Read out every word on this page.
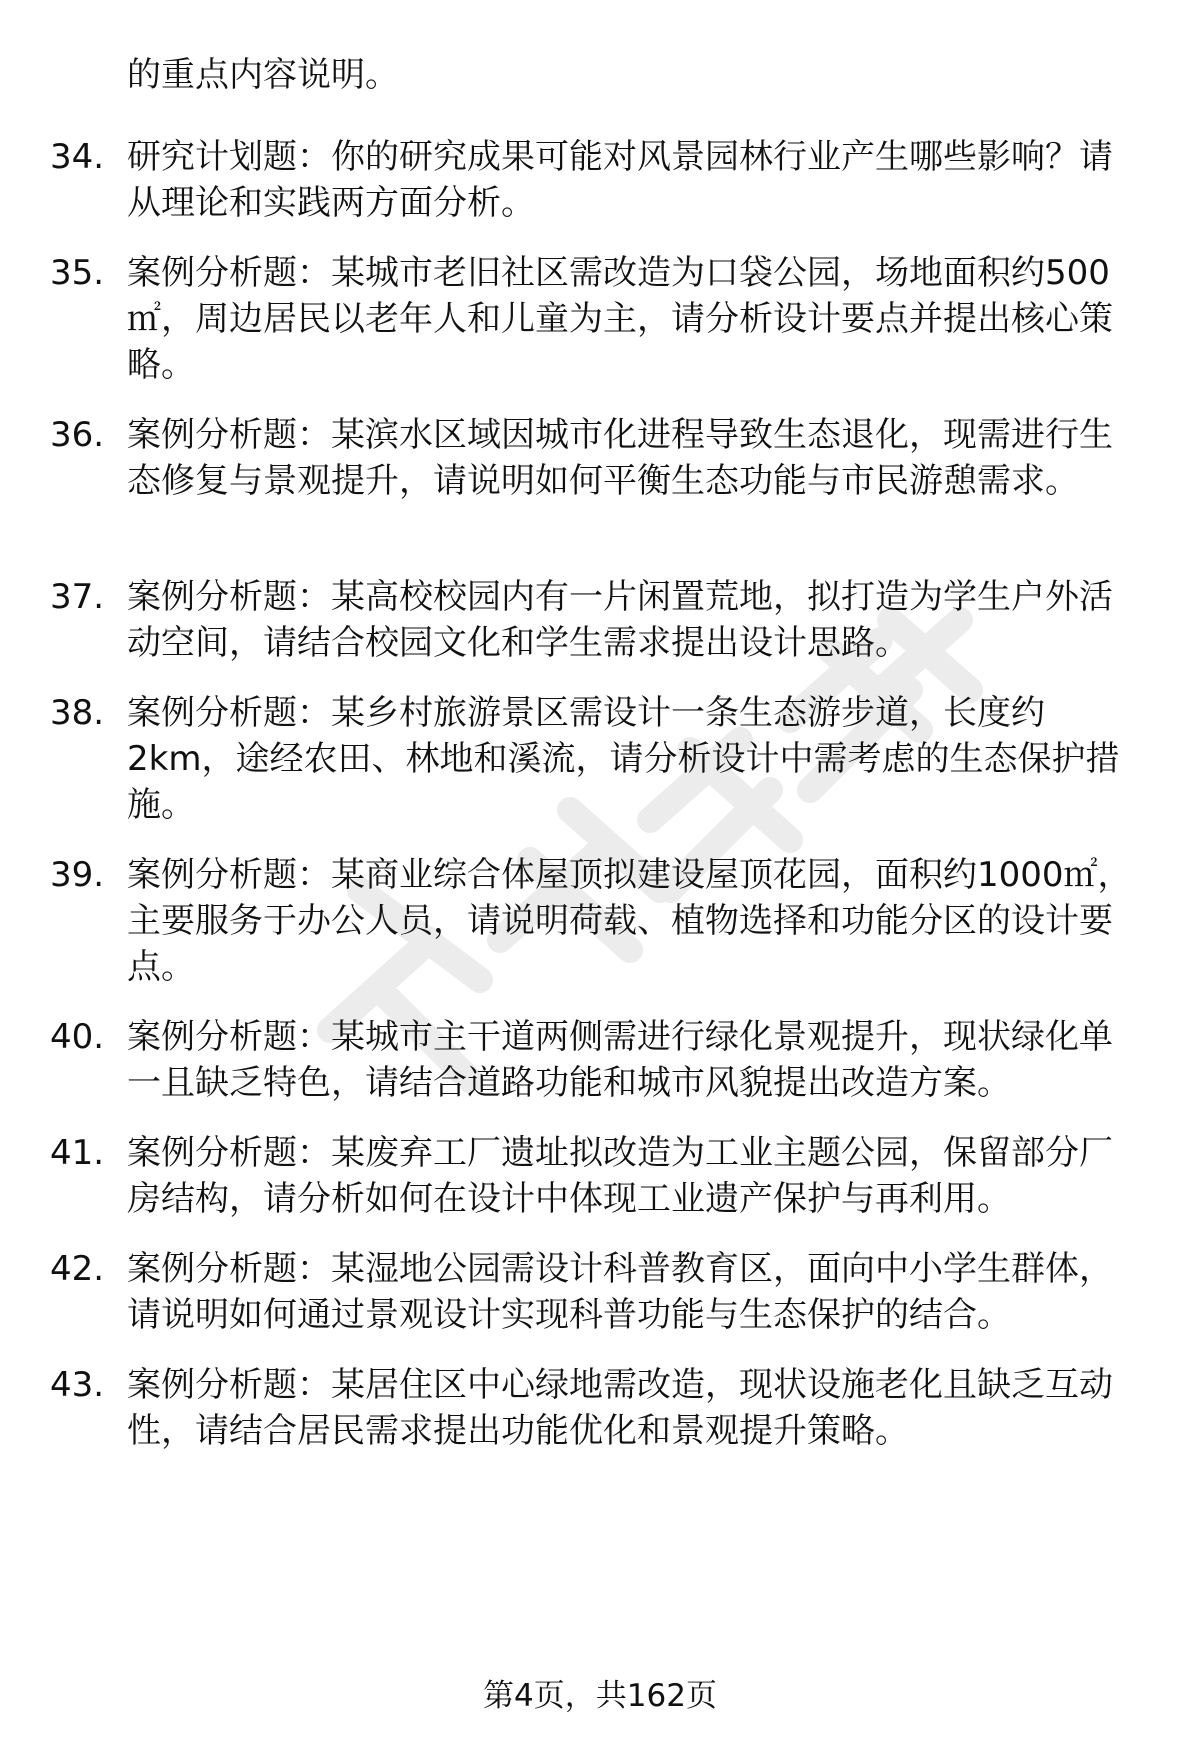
的重点内容说明。
34. 研究计划题：你的研究成果可能对风景园林行业产生哪些影响？请从理论和实践两方面分析。
35. 案例分析题：某城市老旧社区需改造为口袋公园，场地面积约500㎡，周边居民以老年人和儿童为主，请分析设计要点并提出核心策略。
36. 案例分析题：某滨水区域因城市化进程导致生态退化，现需进行生态修复与景观提升，请说明如何平衡生态功能与市民游憩需求。
37. 案例分析题：某高校校园内有一片闲置荒地，拟打造为学生户外活动空间，请结合校园文化和学生需求提出设计思路。
38. 案例分析题：某乡村旅游景区需设计一条生态游步道，长度约2km，途经农田、林地和溪流，请分析设计中需考虑的生态保护措施。
39. 案例分析题：某商业综合体屋顶拟建设屋顶花园，面积约1000㎡，主要服务于办公人员，请说明荷载、植物选择和功能分区的设计要点。
40. 案例分析题：某城市主干道两侧需进行绿化景观提升，现状绿化单一且缺乏特色，请结合道路功能和城市风貌提出改造方案。
41. 案例分析题：某废弃工厂遗址拟改造为工业主题公园，保留部分厂房结构，请分析如何在设计中体现工业遗产保护与再利用。
42. 案例分析题：某湿地公园需设计科普教育区，面向中小学生群体，请说明如何通过景观设计实现科普功能与生态保护的结合。
43. 案例分析题：某居住区中心绿地需改造，现状设施老化且缺乏互动性，请结合居民需求提出功能优化和景观提升策略。
第4页，共162页
